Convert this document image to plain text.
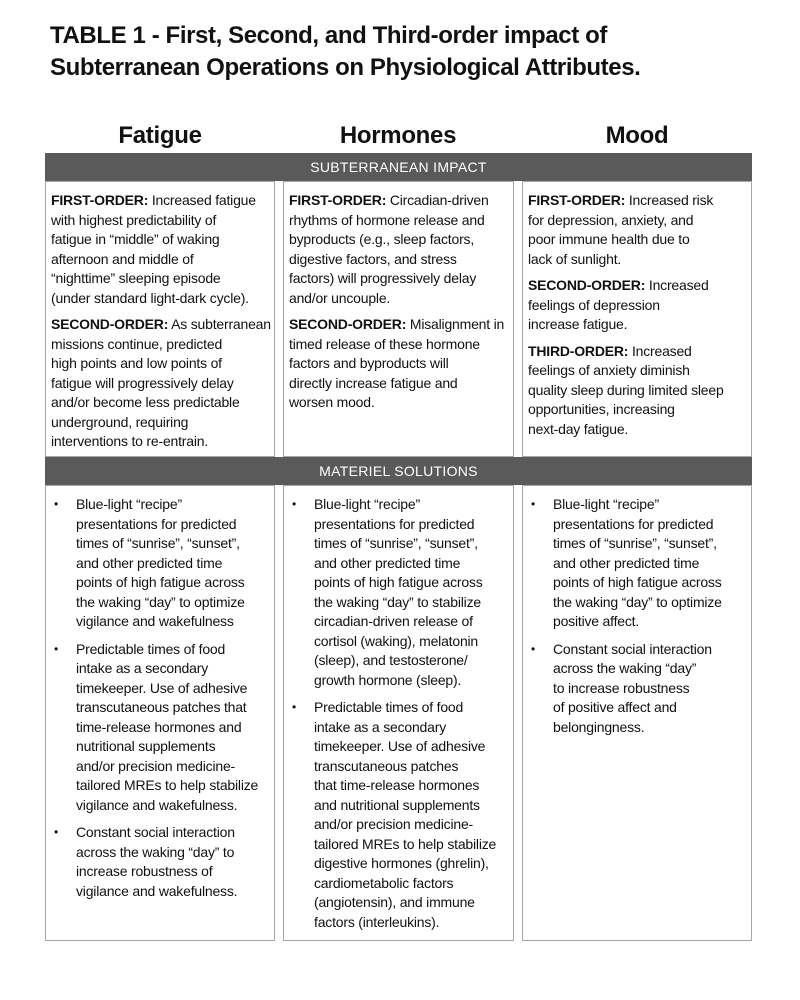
TABLE 1 - First, Second, and Third-order impact of
Subterranean Operations on Physiological Attributes.
Fatigue	Hormones	Mood
SUBTERRANEAN IMPACT

FIRST-ORDER: Increased fatigue
with highest predictability of
fatigue in “middle” of waking
afternoon and middle of
“nighttime” sleeping episode
(under standard light-dark cycle).

SECOND-ORDER: As subterranean
missions continue, predicted
high points and low points of
fatigue will progressively delay
and/or become less predictable
underground, requiring
interventions to re-entrain.

FIRST-ORDER: Circadian-driven
rhythms of hormone release and
byproducts (e.g., sleep factors,
digestive factors, and stress
factors) will progressively delay
and/or uncouple.

SECOND-ORDER: Misalignment in
timed release of these hormone
factors and byproducts will
directly increase fatigue and
worsen mood.

FIRST-ORDER: Increased risk
for depression, anxiety, and
poor immune health due to
lack of sunlight.

SECOND-ORDER: Increased
feelings of depression
increase fatigue.

THIRD-ORDER: Increased
feelings of anxiety diminish
quality sleep during limited sleep
opportunities, increasing
next-day fatigue.

MATERIEL SOLUTIONS
• Blue-light “recipe”
presentations for predicted
times of “sunrise”, “sunset”,
and other predicted time
points of high fatigue across
the waking “day” to optimize
vigilance and wakefulness
• Predictable times of food
intake as a secondary
timekeeper. Use of adhesive
transcutaneous patches that
time-release hormones and
nutritional supplements
and/or precision medicine-
tailored MREs to help stabilize
vigilance and wakefulness.
• Constant social interaction
across the waking “day” to
increase robustness of
vigilance and wakefulness.
• Blue-light “recipe”
presentations for predicted
times of “sunrise”, “sunset”,
and other predicted time
points of high fatigue across
the waking “day” to stabilize
circadian-driven release of
cortisol (waking), melatonin
(sleep), and testosterone/
growth hormone (sleep).
• Predictable times of food
intake as a secondary
timekeeper. Use of adhesive
transcutaneous patches
that time-release hormones
and nutritional supplements
and/or precision medicine-
tailored MREs to help stabilize
digestive hormones (ghrelin),
cardiometabolic factors
(angiotensin), and immune
factors (interleukins).
• Blue-light “recipe”
presentations for predicted
times of “sunrise”, “sunset”,
and other predicted time
points of high fatigue across
the waking “day” to optimize
positive affect.
• Constant social interaction
across the waking “day”
to increase robustness
of positive affect and
belongingness.
